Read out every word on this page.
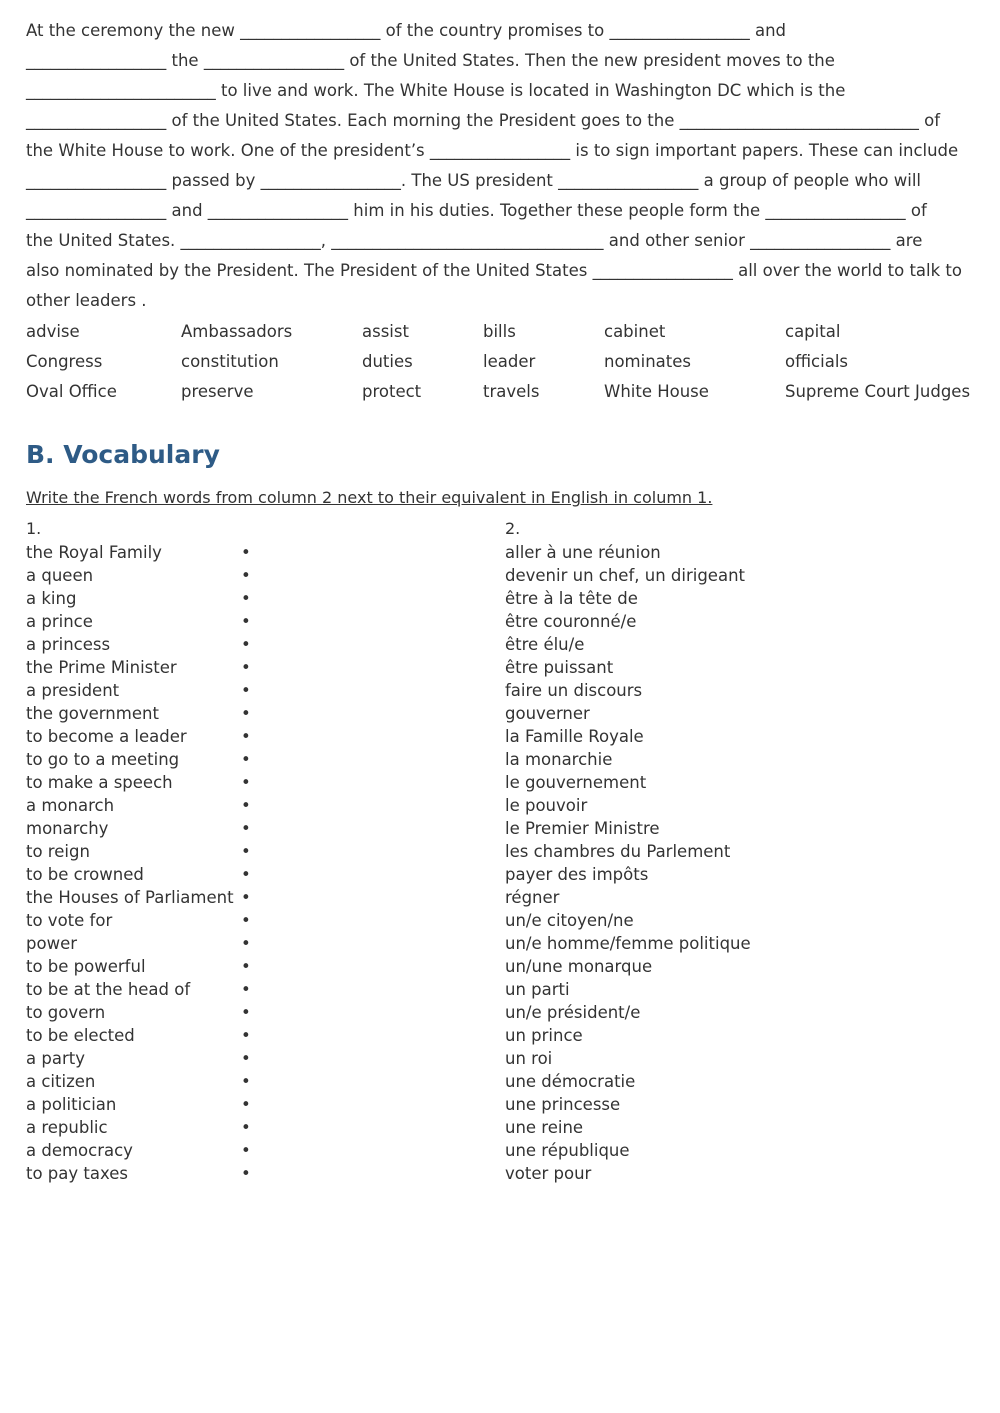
At the ceremony the new _________________ of the country promises to _________________ and
_________________ the _________________ of the United States. Then the new president moves to the
_______________________ to live and work. The White House is located in Washington DC which is the
_________________ of the United States. Each morning the President goes to the _____________________________ of
the White House to work. One of the president’s _________________ is to sign important papers. These can include
_________________ passed by _________________. The US president _________________ a group of people who will
_________________ and _________________ him in his duties. Together these people form the _________________ of
the United States. _________________, _________________________________ and other senior _________________ are
also nominated by the President. The President of the United States _________________ all over the world to talk to
other leaders .
advise	Ambassadors	assist	bills	cabinet	capital
Congress	constitution	duties	leader	nominates	officials
Oval Office	preserve	protect	travels	White House	Supreme Court Judges
B. Vocabulary
Write the French words from column 2 next to their equivalent in English in column 1.
1.	2.
the Royal Family	•	aller à une réunion
a queen	•	devenir un chef, un dirigeant
a king	•	être à la tête de
a prince	•	être couronné/e
a princess	•	être élu/e
the Prime Minister	•	être puissant
a president	•	faire un discours
the government	•	gouverner
to become a leader	•	la Famille Royale
to go to a meeting	•	la monarchie
to make a speech	•	le gouvernement
a monarch	•	le pouvoir
monarchy	•	le Premier Ministre
to reign	•	les chambres du Parlement
to be crowned	•	payer des impôts
the Houses of Parliament •	régner
to vote for	•	un/e citoyen/ne
power	•	un/e homme/femme politique
to be powerful	•	un/une monarque
to be at the head of	•	un parti
to govern	•	un/e président/e
to be elected	•	un prince
a party	•	un roi
a citizen	•	une démocratie
a politician	•	une princesse
a republic	•	une reine
a democracy	•	une république
to pay taxes	•	voter pour
